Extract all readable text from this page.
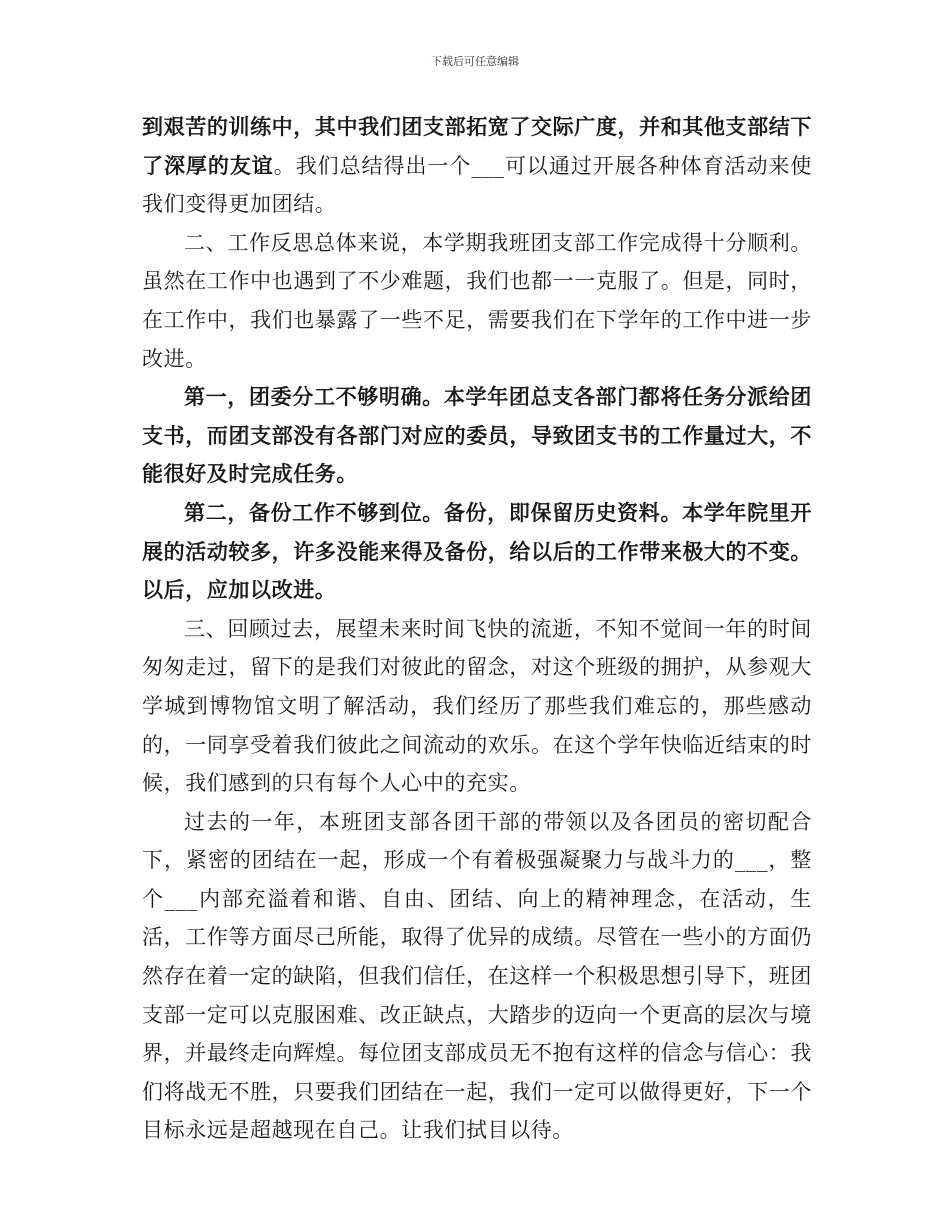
下载后可任意编辑

到艰苦的训练中，其中我们团支部拓宽了交际广度，并和其他支部结下了深厚的友谊。我们总结得出一个___可以通过开展各种体育活动来使我们变得更加团结。

二、工作反思总体来说，本学期我班团支部工作完成得十分顺利。虽然在工作中也遇到了不少难题，我们也都一一克服了。但是，同时，在工作中，我们也暴露了一些不足，需要我们在下学年的工作中进一步改进。

第一，团委分工不够明确。本学年团总支各部门都将任务分派给团支书，而团支部没有各部门对应的委员，导致团支书的工作量过大，不能很好及时完成任务。

第二，备份工作不够到位。备份，即保留历史资料。本学年院里开展的活动较多，许多没能来得及备份，给以后的工作带来极大的不变。以后，应加以改进。

三、回顾过去，展望未来时间飞快的流逝，不知不觉间一年的时间匆匆走过，留下的是我们对彼此的留念，对这个班级的拥护，从参观大学城到博物馆文明了解活动，我们经历了那些我们难忘的，那些感动的，一同享受着我们彼此之间流动的欢乐。在这个学年快临近结束的时候，我们感到的只有每个人心中的充实。

过去的一年，本班团支部各团干部的带领以及各团员的密切配合下，紧密的团结在一起，形成一个有着极强凝聚力与战斗力的___，整个___内部充溢着和谐、自由、团结、向上的精神理念，在活动，生活，工作等方面尽己所能，取得了优异的成绩。尽管在一些小的方面仍然存在着一定的缺陷，但我们信任，在这样一个积极思想引导下，班团支部一定可以克服困难、改正缺点，大踏步的迈向一个更高的层次与境界，并最终走向辉煌。每位团支部成员无不抱有这样的信念与信心：我们将战无不胜，只要我们团结在一起，我们一定可以做得更好，下一个目标永远是超越现在自己。让我们拭目以待。
